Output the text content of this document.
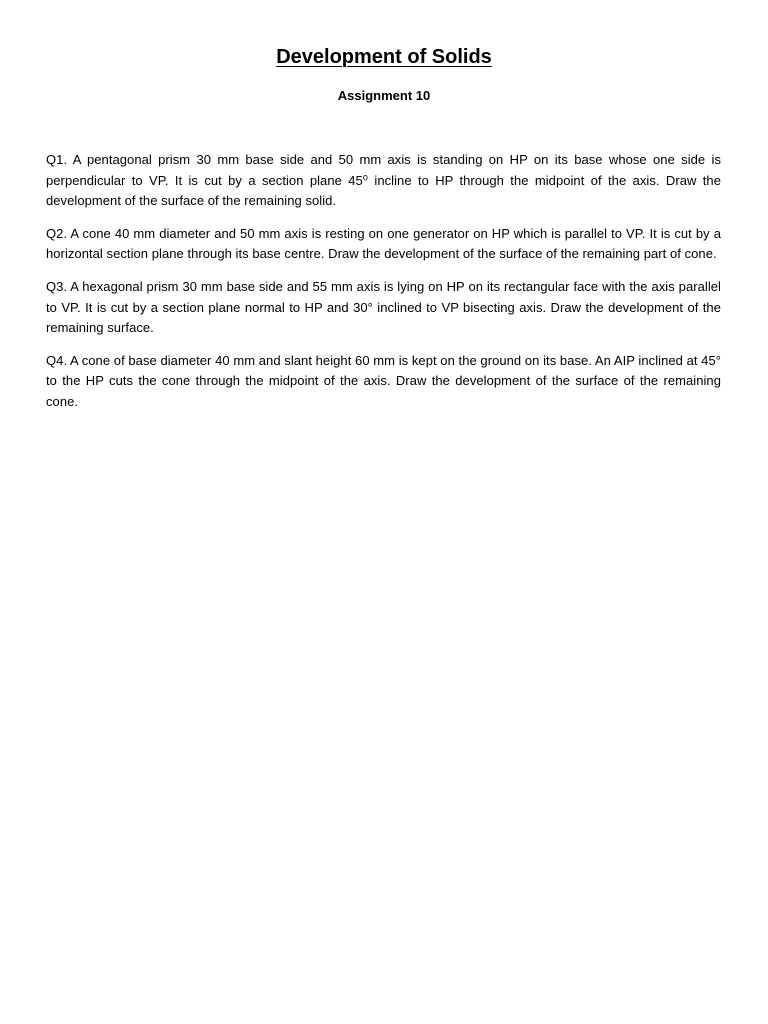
Development of Solids
Assignment 10

Q1. A pentagonal prism 30 mm base side and 50 mm axis is standing on HP on its base whose one side is perpendicular to VP. It is cut by a section plane 45⁰ incline to HP through the midpoint of the axis. Draw the development of the surface of the remaining solid.

Q2. A cone 40 mm diameter and 50 mm axis is resting on one generator on HP which is parallel to VP. It is cut by a horizontal section plane through its base centre. Draw the development of the surface of the remaining part of cone.

Q3. A hexagonal prism 30 mm base side and 55 mm axis is lying on HP on its rectangular face with the axis parallel to VP. It is cut by a section plane normal to HP and 30° inclined to VP bisecting axis. Draw the development of the remaining surface.

Q4. A cone of base diameter 40 mm and slant height 60 mm is kept on the ground on its base. An AIP inclined at 45° to the HP cuts the cone through the midpoint of the axis. Draw the development of the surface of the remaining cone.
